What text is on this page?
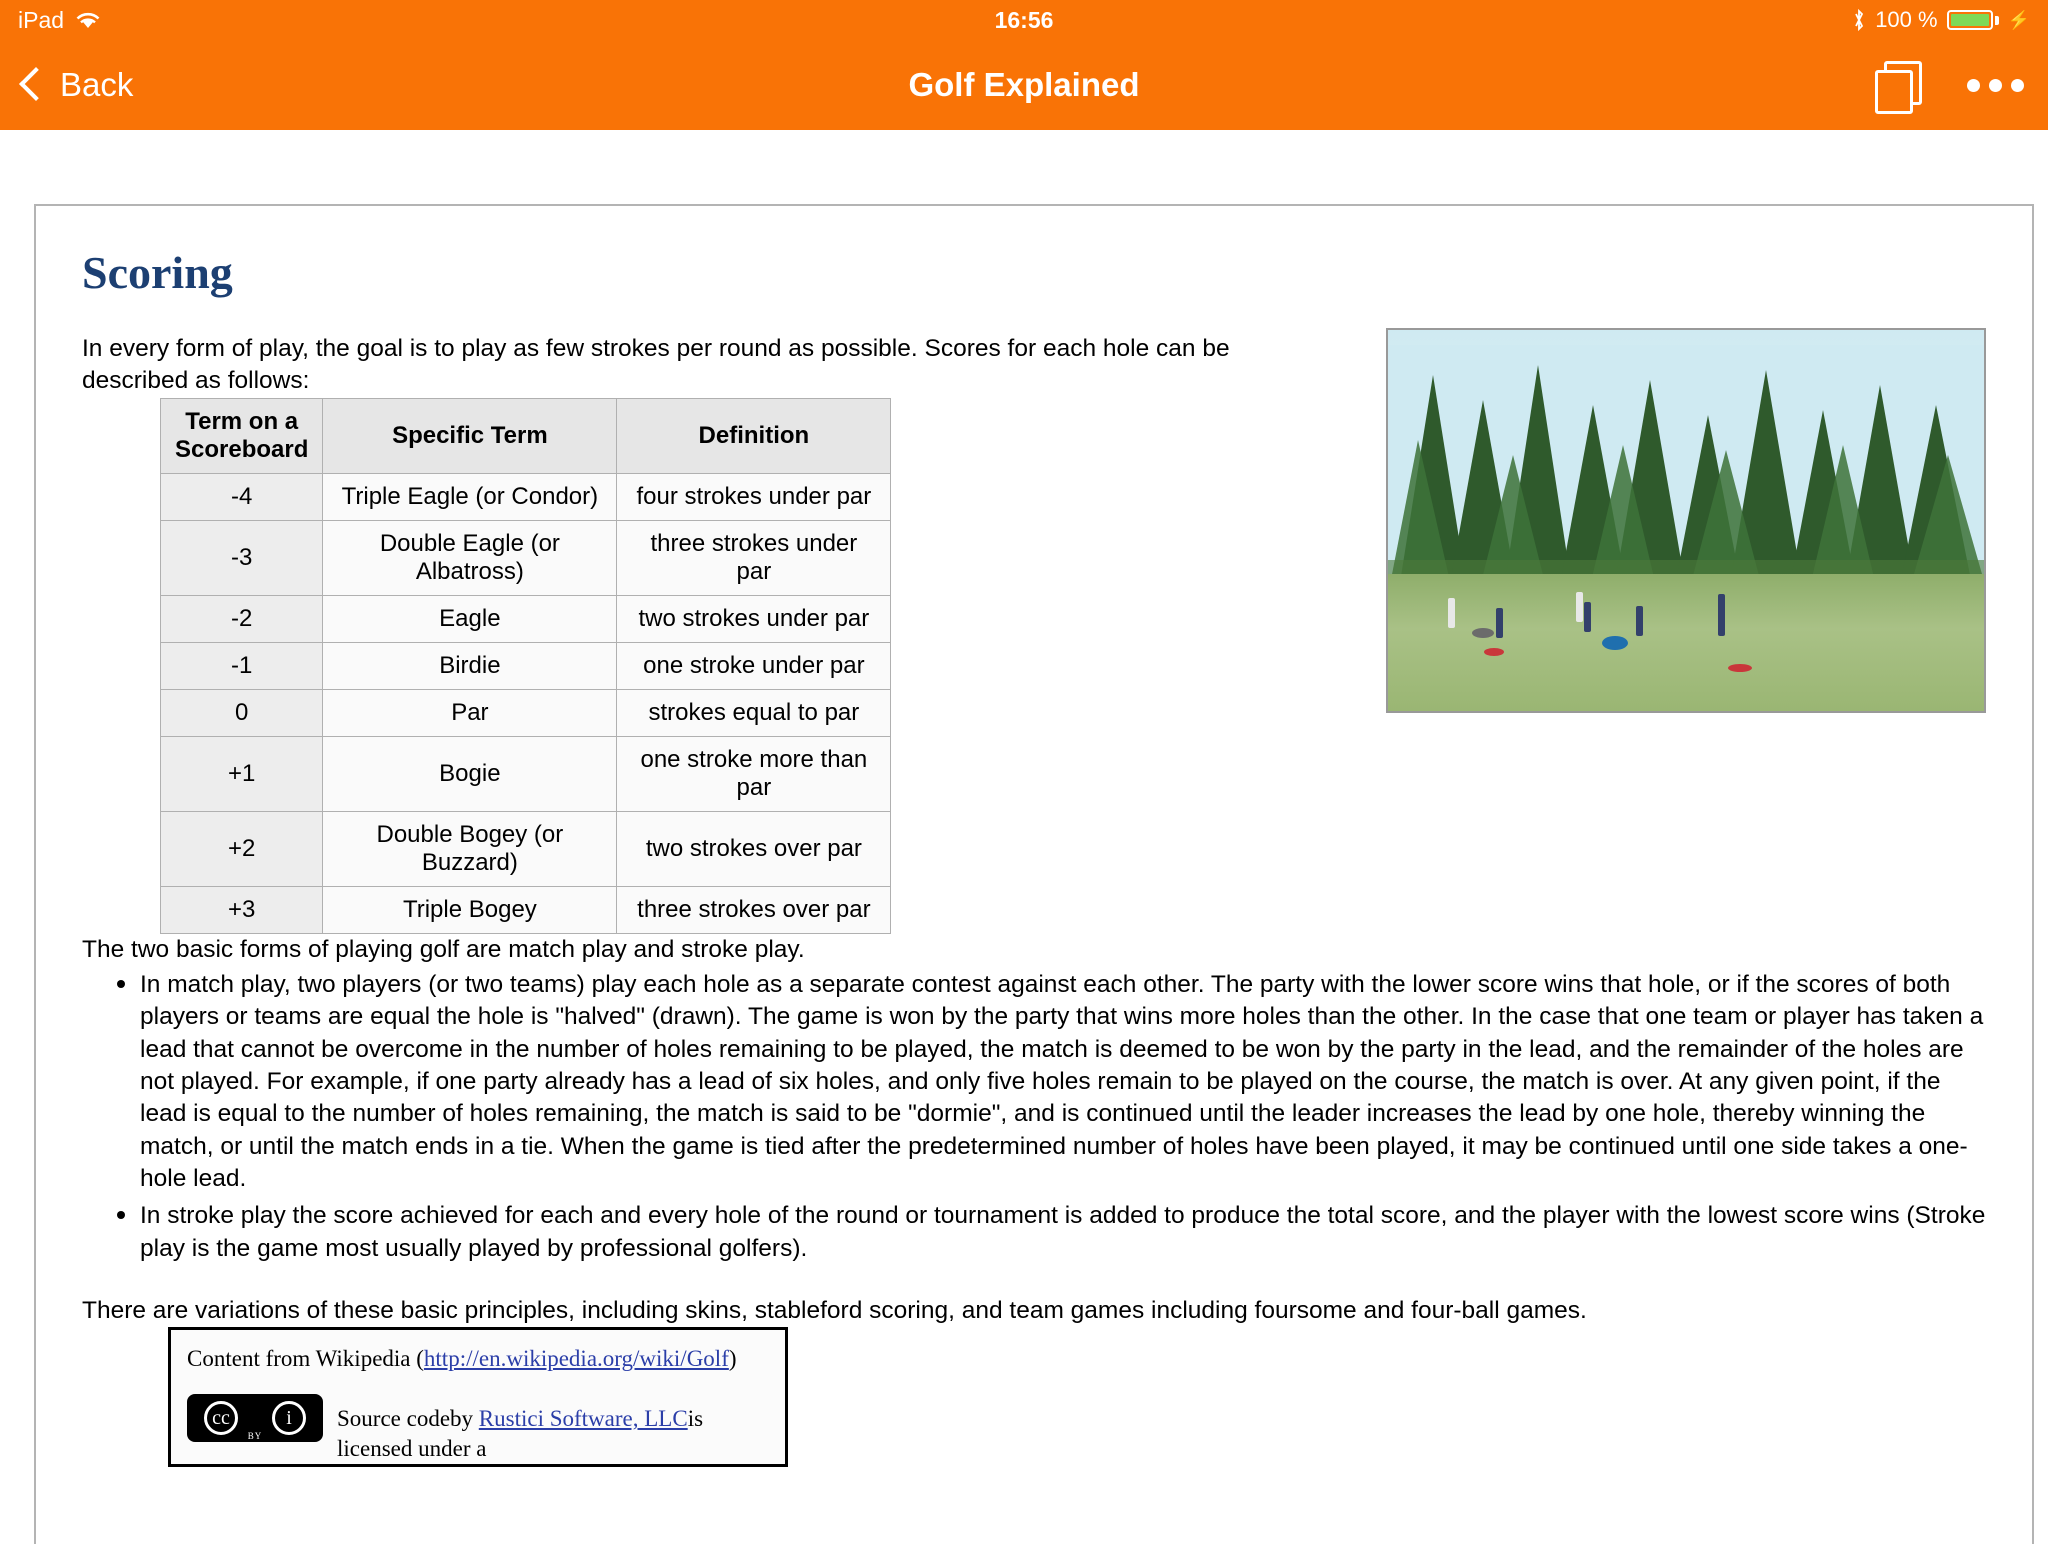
iPad	16:56	100 %	⚡
Back	Golf Explained
Scoring

In every form of play, the goal is to play as few strokes per round as possible. Scores for each hole can be described as follows:

Term on a Scoreboard	Specific Term	Definition
-4	Triple Eagle (or Condor)	four strokes under par
-3	Double Eagle (or Albatross)	three strokes under par
-2	Eagle	two strokes under par
-1	Birdie	one stroke under par
0	Par	strokes equal to par
+1	Bogie	one stroke more than par
+2	Double Bogey (or Buzzard)	two strokes over par
+3	Triple Bogey	three strokes over par

The two basic forms of playing golf are match play and stroke play.

• In match play, two players (or two teams) play each hole as a separate contest against each other. The party with the lower score wins that hole, or if the scores of both players or teams are equal the hole is "halved" (drawn). The game is won by the party that wins more holes than the other. In the case that one team or player has taken a lead that cannot be overcome in the number of holes remaining to be played, the match is deemed to be won by the party in the lead, and the remainder of the holes are not played. For example, if one party already has a lead of six holes, and only five holes remain to be played on the course, the match is over. At any given point, if the lead is equal to the number of holes remaining, the match is said to be "dormie", and is continued until the leader increases the lead by one hole, thereby winning the match, or until the match ends in a tie. When the game is tied after the predetermined number of holes have been played, it may be continued until one side takes a one-hole lead.
• In stroke play the score achieved for each and every hole of the round or tournament is added to produce the total score, and the player with the lowest score wins (Stroke play is the game most usually played by professional golfers).

There are variations of these basic principles, including skins, stableford scoring, and team games including foursome and four-ball games.

Content from Wikipedia (http://en.wikipedia.org/wiki/Golf)
cc	i
BY
Source codeby Rustici Software, LLCis licensed under a
